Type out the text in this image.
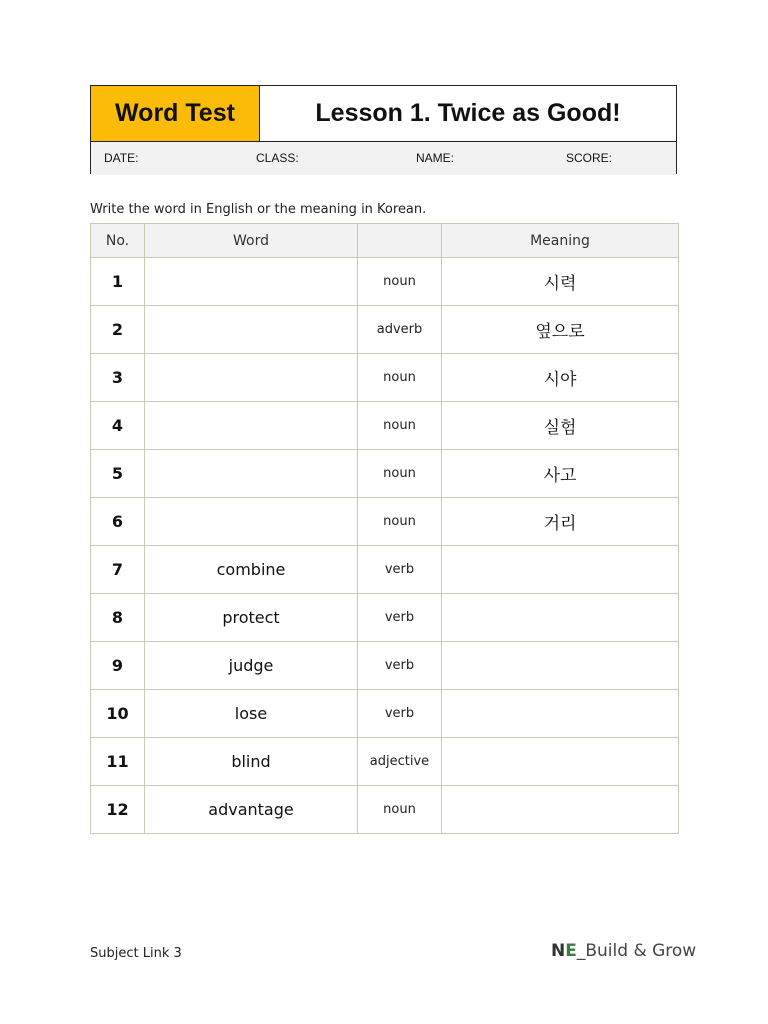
Word Test	Lesson 1. Twice as Good!
DATE:	CLASS:	NAME:	SCORE:
Write the word in English or the meaning in Korean.
No.	Word		Meaning
1		noun	시력
2		adverb	옆으로
3		noun	시야
4		noun	실험
5		noun	사고
6		noun	거리
7	combine	verb	
8	protect	verb	
9	judge	verb	
10	lose	verb	
11	blind	adjective	
12	advantage	noun	
Subject Link 3	NE_Build & Grow
